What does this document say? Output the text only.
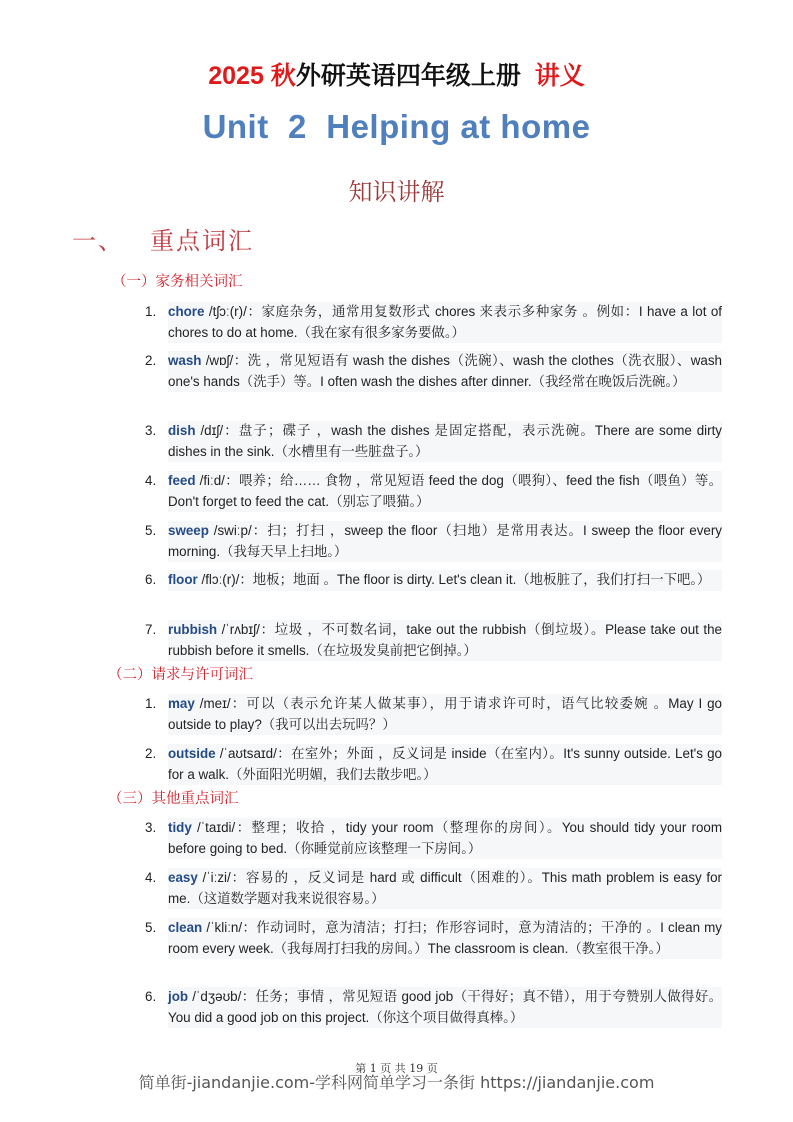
2025 秋外研英语四年级上册 讲义
Unit  2  Helping at home
知识讲解
一、 重点词汇
（一）家务相关词汇
1. chore /tʃɔː(r)/：家庭杂务，通常用复数形式 chores 来表示多种家务 。例如：I have a lot of chores to do at home.（我在家有很多家务要做。）
2. wash /wɒʃ/：洗 ，常见短语有 wash the dishes（洗碗）、wash the clothes（洗衣服）、wash one's hands（洗手）等。I often wash the dishes after dinner.（我经常在晚饭后洗碗。）
3. dish /dɪʃ/：盘子；碟子 ，wash the dishes 是固定搭配，表示洗碗。There are some dirty dishes in the sink.（水槽里有一些脏盘子。）
4. feed /fiːd/：喂养；给…… 食物 ，常见短语 feed the dog（喂狗）、feed the fish（喂鱼）等。Don't forget to feed the cat.（别忘了喂猫。）
5. sweep /swiːp/：扫；打扫 ，sweep the floor（扫地）是常用表达。I sweep the floor every morning.（我每天早上扫地。）
6. floor /flɔː(r)/：地板；地面 。The floor is dirty. Let's clean it.（地板脏了，我们打扫一下吧。）
7. rubbish /ˈrʌbɪʃ/：垃圾 ，不可数名词，take out the rubbish（倒垃圾）。Please take out the rubbish before it smells.（在垃圾发臭前把它倒掉。）
（二）请求与许可词汇
1. may /meɪ/：可以（表示允许某人做某事），用于请求许可时，语气比较委婉 。May I go outside to play?（我可以出去玩吗？）
2. outside /ˈaʊtsaɪd/：在室外；外面 ，反义词是 inside（在室内）。It's sunny outside. Let's go for a walk.（外面阳光明媚，我们去散步吧。）
（三）其他重点词汇
3. tidy /ˈtaɪdi/：整理；收拾 ，tidy your room（整理你的房间）。You should tidy your room before going to bed.（你睡觉前应该整理一下房间。）
4. easy /ˈiːzi/：容易的 ，反义词是 hard 或 difficult（困难的）。This math problem is easy for me.（这道数学题对我来说很容易。）
5. clean /ˈkliːn/：作动词时，意为清洁；打扫；作形容词时，意为清洁的；干净的 。I clean my room every week.（我每周打扫我的房间。）The classroom is clean.（教室很干净。）
6. job /ˈdʒəʊb/：任务；事情 ，常见短语 good job（干得好；真不错），用于夸赞别人做得好。You did a good job on this project.（你这个项目做得真棒。）
第 1 页 共 19 页
简单街-jiandanjie.com-学科网简单学习一条街 https://jiandanjie.com
